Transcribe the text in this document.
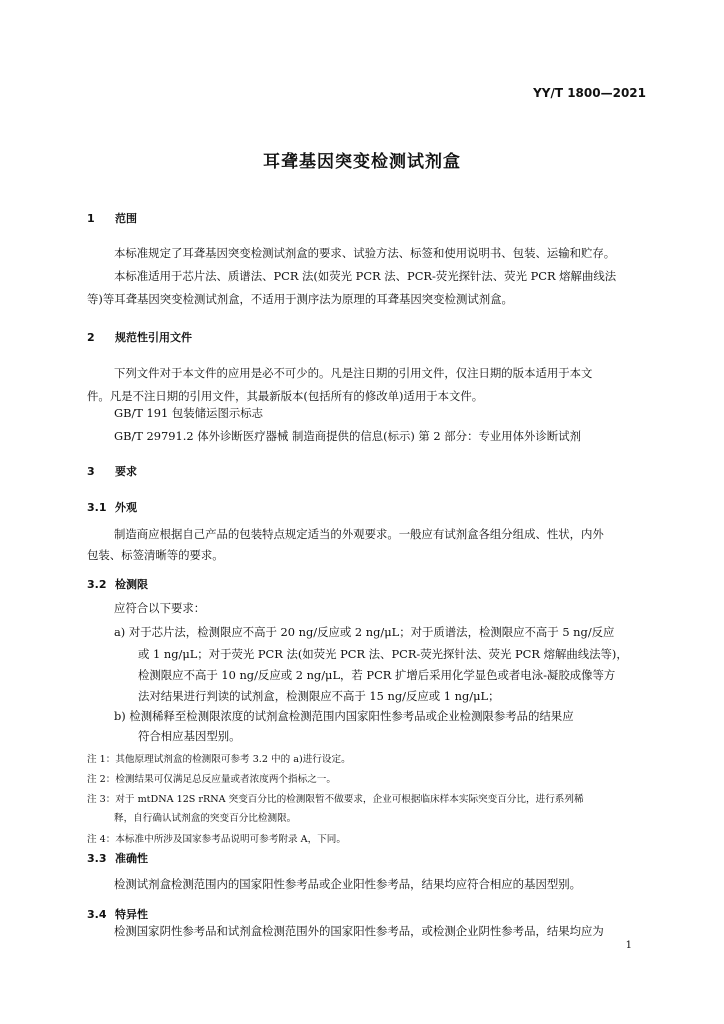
YY/T 1800—2021
耳聋基因突变检测试剂盒
1 范围
本标准规定了耳聋基因突变检测试剂盒的要求、试验方法、标签和使用说明书、包装、运输和贮存。
本标准适用于芯片法、质谱法、PCR 法(如荧光 PCR 法、PCR-荧光探针法、荧光 PCR 熔解曲线法
等)等耳聋基因突变检测试剂盒，不适用于测序法为原理的耳聋基因突变检测试剂盒。
2 规范性引用文件
下列文件对于本文件的应用是必不可少的。凡是注日期的引用文件，仅注日期的版本适用于本文
件。凡是不注日期的引用文件，其最新版本(包括所有的修改单)适用于本文件。
GB/T 191 包装储运图示标志
GB/T 29791.2 体外诊断医疗器械 制造商提供的信息(标示) 第 2 部分：专业用体外诊断试剂
3 要求
3.1 外观
制造商应根据自己产品的包装特点规定适当的外观要求。一般应有试剂盒各组分组成、性状，内外
包装、标签清晰等的要求。
3.2 检测限
应符合以下要求：
a) 对于芯片法，检测限应不高于 20 ng/反应或 2 ng/μL；对于质谱法，检测限应不高于 5 ng/反应
或 1 ng/μL；对于荧光 PCR 法(如荧光 PCR 法、PCR-荧光探针法、荧光 PCR 熔解曲线法等)，
检测限应不高于 10 ng/反应或 2 ng/μL，若 PCR 扩增后采用化学显色或者电泳-凝胶成像等方
法对结果进行判读的试剂盒，检测限应不高于 15 ng/反应或 1 ng/μL；
b) 检测稀释至检测限浓度的试剂盒检测范围内国家阳性参考品或企业检测限参考品的结果应
符合相应基因型别。
注 1：其他原理试剂盒的检测限可参考 3.2 中的 a)进行设定。
注 2：检测结果可仅满足总反应量或者浓度两个指标之一。
注 3：对于 mtDNA 12S rRNA 突变百分比的检测限暂不做要求，企业可根据临床样本实际突变百分比，进行系列稀
释，自行确认试剂盒的突变百分比检测限。
注 4：本标准中所涉及国家参考品说明可参考附录 A，下同。
3.3 准确性
检测试剂盒检测范围内的国家阳性参考品或企业阳性参考品，结果均应符合相应的基因型别。
3.4 特异性
检测国家阴性参考品和试剂盒检测范围外的国家阳性参考品，或检测企业阴性参考品，结果均应为
1
